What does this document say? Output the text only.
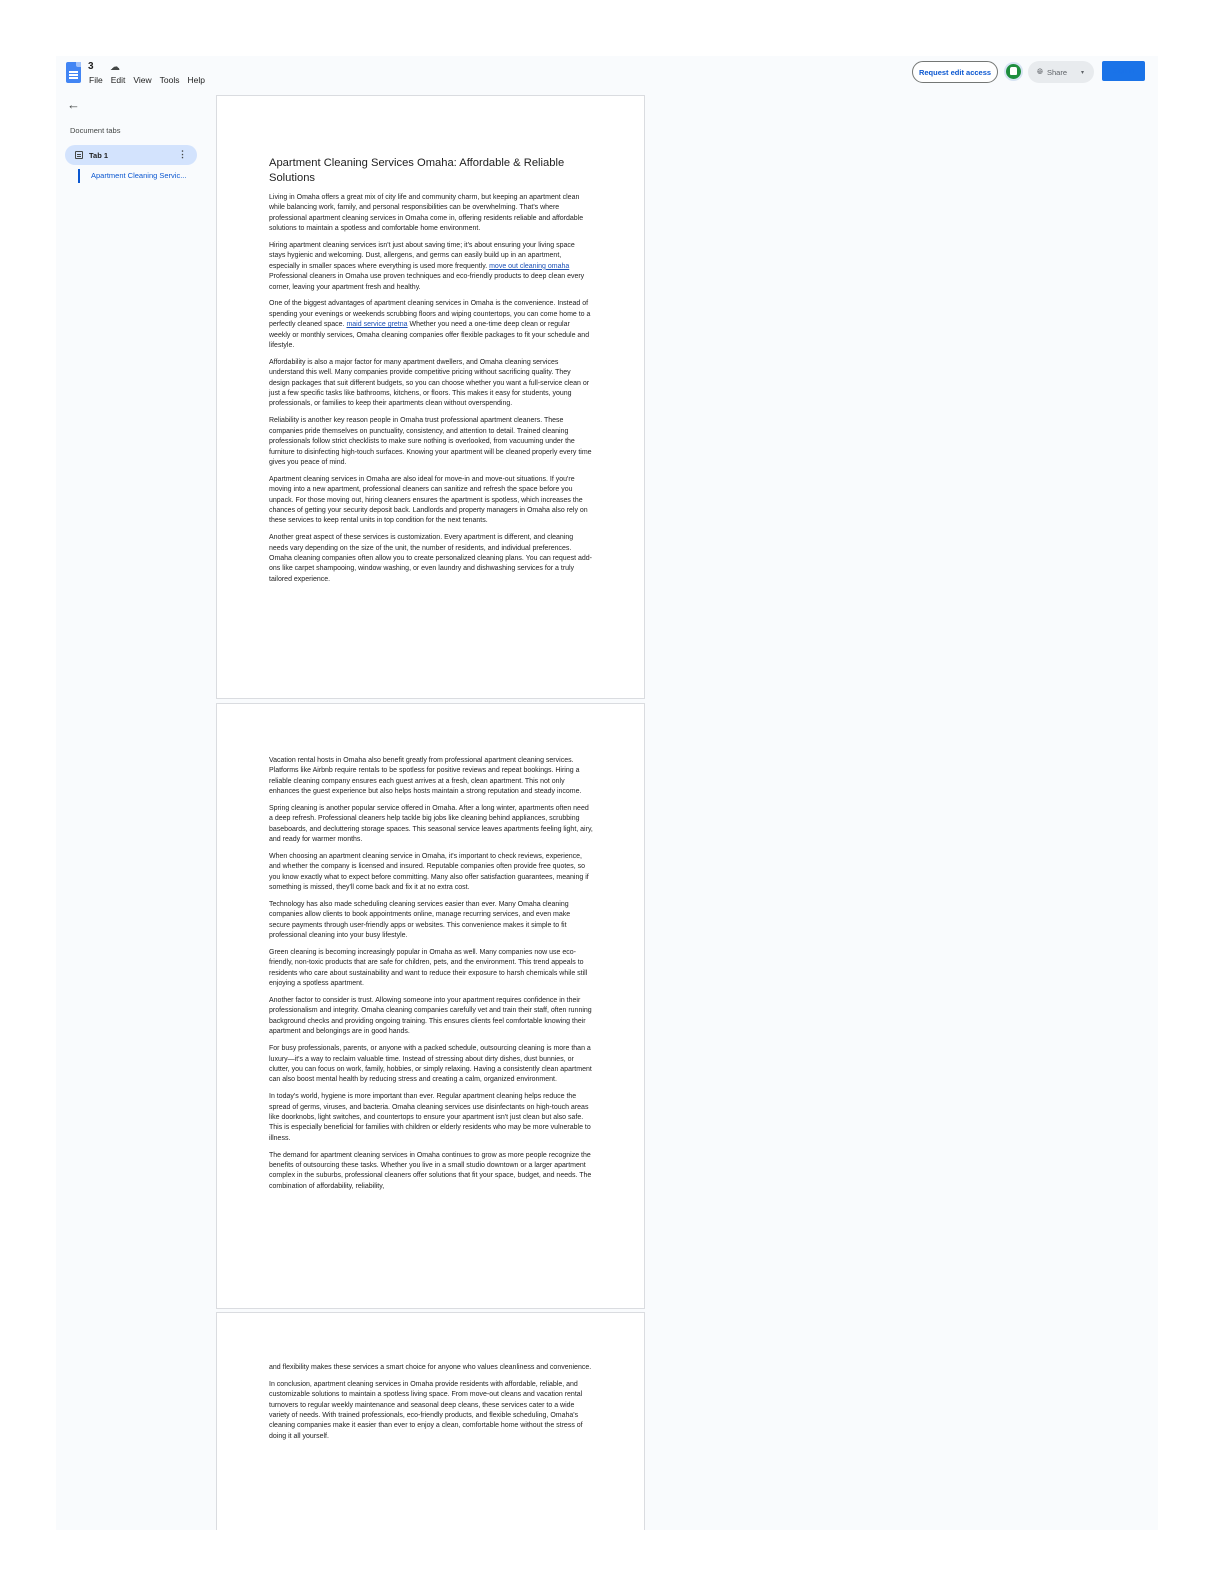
3 ☁
File Edit View Tools Help
Request edit access	🌐︎ Share ▾	Sign in
←
Document tabs
Tab 1	⋮
Apartment Cleaning Servic...
Apartment Cleaning Services Omaha: Affordable & Reliable Solutions

Living in Omaha offers a great mix of city life and community charm, but keeping an apartment clean while balancing work, family, and personal responsibilities can be overwhelming. That's where professional apartment cleaning services in Omaha come in, offering residents reliable and affordable solutions to maintain a spotless and comfortable home environment.

Hiring apartment cleaning services isn't just about saving time; it's about ensuring your living space stays hygienic and welcoming. Dust, allergens, and germs can easily build up in an apartment, especially in smaller spaces where everything is used more frequently. move out cleaning omaha Professional cleaners in Omaha use proven techniques and eco-friendly products to deep clean every corner, leaving your apartment fresh and healthy.

One of the biggest advantages of apartment cleaning services in Omaha is the convenience. Instead of spending your evenings or weekends scrubbing floors and wiping countertops, you can come home to a perfectly cleaned space. maid service gretna Whether you need a one-time deep clean or regular weekly or monthly services, Omaha cleaning companies offer flexible packages to fit your schedule and lifestyle.

Affordability is also a major factor for many apartment dwellers, and Omaha cleaning services understand this well. Many companies provide competitive pricing without sacrificing quality. They design packages that suit different budgets, so you can choose whether you want a full-service clean or just a few specific tasks like bathrooms, kitchens, or floors. This makes it easy for students, young professionals, or families to keep their apartments clean without overspending.

Reliability is another key reason people in Omaha trust professional apartment cleaners. These companies pride themselves on punctuality, consistency, and attention to detail. Trained cleaning professionals follow strict checklists to make sure nothing is overlooked, from vacuuming under the furniture to disinfecting high-touch surfaces. Knowing your apartment will be cleaned properly every time gives you peace of mind.

Apartment cleaning services in Omaha are also ideal for move-in and move-out situations. If you're moving into a new apartment, professional cleaners can sanitize and refresh the space before you unpack. For those moving out, hiring cleaners ensures the apartment is spotless, which increases the chances of getting your security deposit back. Landlords and property managers in Omaha also rely on these services to keep rental units in top condition for the next tenants.

Another great aspect of these services is customization. Every apartment is different, and cleaning needs vary depending on the size of the unit, the number of residents, and individual preferences. Omaha cleaning companies often allow you to create personalized cleaning plans. You can request add-ons like carpet shampooing, window washing, or even laundry and dishwashing services for a truly tailored experience.

Vacation rental hosts in Omaha also benefit greatly from professional apartment cleaning services. Platforms like Airbnb require rentals to be spotless for positive reviews and repeat bookings. Hiring a reliable cleaning company ensures each guest arrives at a fresh, clean apartment. This not only enhances the guest experience but also helps hosts maintain a strong reputation and steady income.

Spring cleaning is another popular service offered in Omaha. After a long winter, apartments often need a deep refresh. Professional cleaners help tackle big jobs like cleaning behind appliances, scrubbing baseboards, and decluttering storage spaces. This seasonal service leaves apartments feeling light, airy, and ready for warmer months.

When choosing an apartment cleaning service in Omaha, it's important to check reviews, experience, and whether the company is licensed and insured. Reputable companies often provide free quotes, so you know exactly what to expect before committing. Many also offer satisfaction guarantees, meaning if something is missed, they'll come back and fix it at no extra cost.

Technology has also made scheduling cleaning services easier than ever. Many Omaha cleaning companies allow clients to book appointments online, manage recurring services, and even make secure payments through user-friendly apps or websites. This convenience makes it simple to fit professional cleaning into your busy lifestyle.

Green cleaning is becoming increasingly popular in Omaha as well. Many companies now use eco-friendly, non-toxic products that are safe for children, pets, and the environment. This trend appeals to residents who care about sustainability and want to reduce their exposure to harsh chemicals while still enjoying a spotless apartment.

Another factor to consider is trust. Allowing someone into your apartment requires confidence in their professionalism and integrity. Omaha cleaning companies carefully vet and train their staff, often running background checks and providing ongoing training. This ensures clients feel comfortable knowing their apartment and belongings are in good hands.

For busy professionals, parents, or anyone with a packed schedule, outsourcing cleaning is more than a luxury—it's a way to reclaim valuable time. Instead of stressing about dirty dishes, dust bunnies, or clutter, you can focus on work, family, hobbies, or simply relaxing. Having a consistently clean apartment can also boost mental health by reducing stress and creating a calm, organized environment.

In today's world, hygiene is more important than ever. Regular apartment cleaning helps reduce the spread of germs, viruses, and bacteria. Omaha cleaning services use disinfectants on high-touch areas like doorknobs, light switches, and countertops to ensure your apartment isn't just clean but also safe. This is especially beneficial for families with children or elderly residents who may be more vulnerable to illness.

The demand for apartment cleaning services in Omaha continues to grow as more people recognize the benefits of outsourcing these tasks. Whether you live in a small studio downtown or a larger apartment complex in the suburbs, professional cleaners offer solutions that fit your space, budget, and needs. The combination of affordability, reliability,

and flexibility makes these services a smart choice for anyone who values cleanliness and convenience.

In conclusion, apartment cleaning services in Omaha provide residents with affordable, reliable, and customizable solutions to maintain a spotless living space. From move-out cleans and vacation rental turnovers to regular weekly maintenance and seasonal deep cleans, these services cater to a wide variety of needs. With trained professionals, eco-friendly products, and flexible scheduling, Omaha's cleaning companies make it easier than ever to enjoy a clean, comfortable home without the stress of doing it all yourself.
